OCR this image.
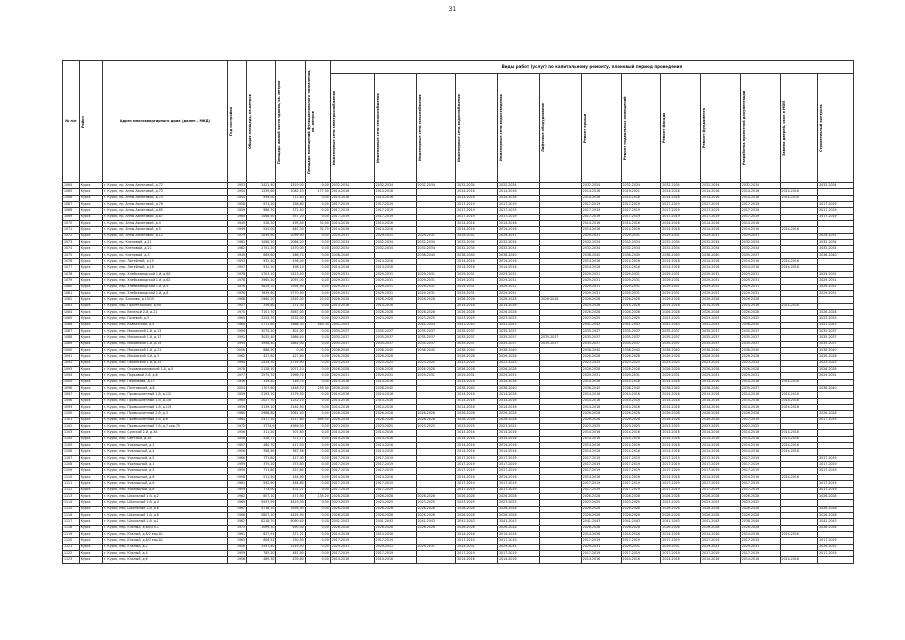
31
№ п/п	Район	Адрес многоквартирного дома (далее – МКД)	Год постройки	Общая площадь, кв.метров	Площадь жилой части здания, кв. метров	Площадь помещений функционального назначения, кв. метров	Виды работ (услуг) по капитальному ремонту, плановый период проведения												

							Инженерные сети электроснабжения	Инженерные сети теплоснабжения	Инженерные сети газоснабжения	Инженерные сети водоснабжения	Инженерные сети водоотведения	Лифтовое оборудование	Ремонт крыши	Ремонт подвальных помещений	Ремонт фасада	Ремонт фундамента	Разработка проектной документации	Замена дверей, окон в МОП	Строительный контроль

1064	Курск	г. Курск, пр. Анны Ахматовой, д.72	1953	2421,40	1519,00	0,00	2032-2034	2032-2034	2032-2034	2032-2034	2032-2034		2032-2034	2032-2034	2032-2034	2032-2034	2032-2034		2032-2034
1065	Курск	г. Курск, пр. Анны Ахматовой, д.73	1954	1239,60	1082,10	177,50	2014-2016	2014-2016		2014-2016	2014-2016		2014-2016	2019-2021	2014-2016	2014-2016	2014-2016	2014-2016	
1066	Курск	г. Курск, пр. Анны Ахматовой, д.74	1954	949,00	712,60	0,00	2014-2016	2014-2016		2014-2016	2014-2016		2014-2016	2014-2016	2014-2016	2014-2016	2014-2016	2014-2016	
1067	Курск	г. Курск, пр. Анны Ахматовой, д.76	1958	971,20	558,60	0,00	2017-2019	2017-2019		2017-2019	2017-2019		2017-2019	2017-2019	2017-2019	2017-2019	2017-2019		2017-2019
1068	Курск	г. Курск, пр. Анны Ахматовой, д.85	1959	986,70	572,40	0,00	2017-2019	2017-2019		2017-2019	2017-2019		2017-2019	2017-2019	2017-2019	2017-2019	2017-2019		2017-2019
1069	Курск	г. Курск, пр. Анны Ахматовой, д.87	1960	1068,50	557,20	0,00	2017-2019	2017-2019		2017-2019	2017-2019		2017-2019	2017-2019	2017-2019	2017-2019	2017-2019		2017-2019
1070	Курск	г. Курск, пр. Анны Ахматовой, д.4	1949	528,30	495,40	32,90	2014-2016	2014-2016		2014-2016	2014-2016		2014-2016	2014-2016	2014-2016	2014-2016	2014-2016		
1071	Курск	г. Курск, пр. Анны Ахматовой, д.5	1949	520,00	487,30	32,70	2014-2016	2014-2016		2014-2016	2014-2016		2014-2016	2014-2016	2014-2016	2014-2016	2014-2016	2014-2016	
1072	Курск	г. Курск, пр. Анны Ахматовой, д.12	1979	2099,90	2099,90	0,00	2029-2031	2029-2031	2029-2031	2029-2031	2029-2031		2029-2031	2029-2031	2029-2031	2029-2031	2029-2031		2029-2031
1073	Курск	г. Курск, пр. Кленовый, д.21	1981	2086,20	2086,20	0,00	2032-2034	2032-2034	2032-2034	2032-2034	2032-2034		2032-2034	2032-2034	2032-2034	2032-2034	2032-2034		2032-2034
1074	Курск	г. Курск, пр. Кленовый, д.21	1982	2751,20	1570,00	0,00	2032-2034	2032-2034	2032-2034	2032-2034	2032-2034		2032-2034	2032-2034	2032-2034	2032-2034	2032-2034		2032-2034
1075	Курск	г. Курск, пр. Кленовый, д.3	1949	669,60	566,70	0,00	2038-2040		2038-2040	2038-2040	2038-2040		2038-2040	2038-2040	2038-2040	2038-2040	2035-2037		2038-2040
1076	Курск	г. Курск, пер. Литейный, д.15	1953	932,40	436,40	0,00	2014-2016	2014-2016		2014-2016	2014-2016		2014-2016	2014-2016	2014-2016	2014-2016	2014-2016	2014-2016	
1077	Курск	г. Курск, пер. Литейный, д.16	1957	932,10	498,10	0,00	2014-2016	2014-2016		2014-2016	2014-2016		2014-2016	2014-2016	2014-2016	2014-2016	2014-2016	2014-2016	
1078	Курск	г. Курск, пер. Хлебозаводской 1-й, д.60	1978	2703,10	1513,40	0,00	2029-2031	2029-2031	2029-2031	2029-2031	2029-2031		2029-2031	2029-2031	2029-2031	2029-2031	2029-2031		2029-2031
1079	Курск	г. Курск, пер. Хлебозаводской 1-й, д.62	1978	3965,20	2097,00	0,00	2029-2031	2029-2031	2029-2031	2029-2031	2029-2031		2029-2031	2029-2031	2029-2031	2029-2031	2029-2031		2029-2031
1080	Курск	г. Курск, пер. Хлебозаводской 1-й, д.9	1976	5629,70	3394,90	0,00	2029-2031	2029-2031	2029-2031	2029-2031	2029-2031		2029-2031	2029-2031	2029-2031	2029-2031	2029-2031		2029-2031
1081	Курск	г. Курск, пер. Хлебозаводской 1-й, д.8	1976	7639,60	5770,90	0,00	2029-2031	2029-2031	2029-2031	2029-2031	2029-2031		2029-2031	2029-2031	2029-2031	2029-2031	2029-2031		2029-2031
1082	Курск	г. Курск, пр. Блинова, д.15/15	1968	2960,20	2392,00	23,00	2026-2028	2026-2028	2026-2028	2026-2028	2026-2028	2026-2028	2026-2028	2026-2028	2026-2028	2026-2028	2026-2028		
1083	Курск	г. Курск, пер. Пролетарский, д.9А	1957	256,80	271,30	0,00	2014-2016	2014-2016		2014-2016	2014-2016		2014-2016	2014-2016	2014-2016	2014-2016	2014-2016	2014-2016	
1084	Курск	г. Курск, пер. Веселый 2-й, д.21	1975	7101,70	3587,00	0,00	2026-2028	2026-2028	2026-2028	2026-2028	2026-2028		2026-2028	2026-2028	2026-2028	2026-2028	2026-2028		2026-2028
1085	Курск	г. Курск, пер. Полевой, д.3	1965	2243,70	1532,00	0,00	2023-2025	2023-2025	2023-2025	2023-2025	2023-2025		2023-2025	2023-2025	2023-2025	2023-2025	2023-2025		2023-2025
1086	Курск	г. Курск, пер. Кавказский, д.4	1960	2711,60	1866,30	460,30	2041-2043		2041-2043	2041-2043	2041-2043		2041-2043	2041-2043	2041-2043	2041-2043	2038-2040		2041-2043
1087	Курск	г. Курск, пер. Моковский 1-й, д.13	1994	3075,20	801,00	0,00	2035-2037	2035-2037	2035-2037	2035-2037	2035-2037		2035-2037	2035-2037	2035-2037	2035-2037	2035-2037		2035-2037
1088	Курск	г. Курск, пер. Моковский 1-й, д.17	1991	3035,40	1886,40	0,00	2035-2037	2035-2037	2035-2037	2035-2037	2035-2037	2035-2037	2035-2037	2035-2037	2035-2037	2035-2037	2035-2037		2035-2037
1089	Курск	г. Курск, пер. Моковский 1-й, д.19	1994	3998,40	2881,00	0,00	2035-2037	2035-2037	2035-2037	2035-2037	2035-2037	2035-2037	2035-2037	2035-2037	2035-2037	2035-2037	2035-2037		2035-2037
1090	Курск	г. Курск, пер. Моковский 1-й, д.21	2006	888,20	0,00	0,00	2038-2040	2038-2040	2038-2040	2038-2040	2038-2040		2038-2040	2038-2040	2038-2040	2038-2040	2038-2040		2038-2040
1091	Курск	г. Курск, пер. Моковский 4-й, д.3	1962	427,80	427,80	0,00	2026-2028	2026-2028		2026-2028	2026-2028		2026-2028	2026-2028	2026-2028	2026-2028	2026-2028		2026-2028
1092	Курск	г. Курск, пер. Обоянский 1-й, д.15	1994	2429,30	1759,90	0,00	2023-2025	2023-2025	2023-2025	2023-2025	2023-2025		2023-2025	2023-2025	2023-2025	2023-2025	2023-2025		2023-2025
1093	Курск	г. Курск, пер. Осоавиахимовский 1-й, д.5	1978	2128,10	2071,10	0,00	2026-2028	2026-2028	2026-2028	2026-2028	2026-2028		2026-2028	2026-2028	2026-2028	2026-2028	2026-2028		2026-2028
1094	Курск	г. Курск, пер. Парковый 2-й, д.6	1977	2575,70	1996,70	0,00	2029-2031	2029-2031	2029-2031	2029-2031	2029-2031		2029-2031	2029-2031	2029-2031	2029-2031	2029-2031		2029-2031
1095	Курск	г. Курск, пер. Персикова, д.17	1956	329,40	146,70	0,00	2014-2016	2014-2016		2014-2016	2014-2016		2014-2016	2014-2016	2014-2016	2014-2016	2014-2016	2014-2016	
1096	Курск	г. Курск, пер. Полтавский, д.8	2004	1707,60	1448,70	259,00	2038-2040	2038-2040		2038-2040	2038-2040		2038-2040	2038-2040	2038-2040	2038-2040	2035-2037		2038-2040
1097	Курск	г. Курск, пер. Промышленный 1-й, д.1/2	1959	2193,10	1179,30	0,00	2014-2016	2014-2016		2014-2016	2014-2016		2014-2016	2014-2016	2014-2016	2014-2016	2014-2016	2014-2016	
1098	Курск	г. Курск, пер. Промышленный 1-й, д.1/8	1960	2027,70	1252,10	0,00	2014-2016	2014-2016		2014-2016	2014-2016		2014-2016	2014-2016	2014-2016	2014-2016	2014-2016	2014-2016	
1099	Курск	г. Курск, пер. Промышленный 1-й, д.1/9	1959	2139,10	1162,50	0,00	2014-2016	2014-2016		2014-2016	2014-2016		2014-2016	2014-2016	2014-2016	2014-2016	2014-2016	2014-2016	
1100	Курск	г. Курск, пер. Промышленный 2-й, д.3	1980	2988,80	2081,40	0,00	2026-2028	2026-2028	2026-2028	2026-2028	2026-2028		2026-2028	2026-2028	2026-2028	2026-2028	2026-2028		2026-2028
1101	Курск	г. Курск, пер. Промышленный 2-й, д.6	1964	2417,30	1517,80	899,50	2026-2028	2026-2028	2026-2028	2026-2028	2026-2028		2026-2028	2026-2028	2026-2028	2026-2028	2017-2019		2017-2019
1102	Курск	г. Курск, пер. Промышленный 7-й, д.7 кор.75	1972	3774,9	4989,50	0,00	2023-2025	2023-2025	2023-2025	2023-2025	2023-2025		2023-2025	2023-2025	2023-2025	2023-2025	2023-2025		
1103	Курск	г. Курск, пер. Сумской 2-й, д.3А	1956	311,20	307,80	0,00	2014-2016	2014-2016		2014-2016	2014-2016		2014-2016	2014-2016	2014-2016	2014-2016	2014-2016	2014-2016	
1104	Курск	г. Курск, пер. Светлый, д.3А	1958	428,77	372,77	0,00	2014-2016	2014-2016		2014-2016	2014-2016		2014-2016	2014-2016	2014-2016	2014-2016	2014-2016	2014-2016	
1105	Курск	г. Курск, пер. Училищный, д.2	1957	480,70	417,50	0,00	2014-2016	2014-2016		2014-2016	2014-2016		2014-2016	2014-2016	2014-2016	2014-2016	2014-2016	2014-2016	
1106	Курск	г. Курск, пер. Училищный, д.4	1956	398,46	367,56	0,00	2014-2016	2014-2016		2014-2016	2014-2016		2014-2016	2014-2016	2014-2016	2014-2016	2014-2016	2014-2016	
1107	Курск	г. Курск, пер. Училищный, д.5	1960	771,80	417,30	0,00	2017-2019	2017-2019		2017-2019	2017-2019		2017-2019	2017-2019	2017-2019	2017-2019	2017-2019		2017-2019
1108	Курск	г. Курск, пер. Училищный, д.1	1959	375,20	373,80	0,00	2017-2019	2017-2019		2017-2019	2017-2019		2017-2019	2017-2019	2017-2019	2017-2019	2017-2019		2017-2019
1109	Курск	г. Курск, пер. Училищный, д.5	1959	711,80	427,60	0,00	2017-2019	2017-2019		2017-2019	2017-2019		2017-2019	2017-2019	2017-2019	2017-2019	2017-2019		2017-2019
1110	Курск	г. Курск, пер. Училищный, д.6	1958	511,50	454,90	0,00	2014-2016	2014-2016		2014-2016	2014-2016		2014-2016	2014-2016	2014-2016	2014-2016	2014-2016	2014-2016	
1111	Курск	г. Курск, пер. Училищный, д.6	1981	592,90	464,80	0,00	2017-2019	2017-2019		2017-2019	2017-2019		2017-2019	2017-2019	2017-2019	2017-2019	2017-2019		2017-2019
1112	Курск	г. Курск, пер. Училищный, д.8	1959	773,00	431,27	0,00	2017-2019	2017-2019		2017-2019	2017-2019		2017-2019	2017-2019	2017-2019	2017-2019	2017-2019		2017-2019
1113	Курск	г. Курск, пер. Школьный 1-й, д.2	1962	807,10	471,90	135,20	2026-2028	2026-2028	2026-2028	2026-2028	2026-2028		2026-2028	2026-2028	2026-2028	2026-2028	2026-2028		2026-2028
1114	Курск	г. Курск, пер. Школьный 1-й, д.4	1969	5937,99	4419,39	0,00	2023-2025	2023-2025	2023-2025	2023-2025	2023-2025		2023-2025	2023-2025	2023-2025	2023-2025	2023-2025		
1115	Курск	г. Курск, пер. Школьный 1-й, д.6	1967	4716,10	3556,90	0,00	2026-2028	2026-2028	2026-2028	2026-2028	2026-2028		2026-2028	2026-2028	2026-2028	2026-2028	2026-2028		2026-2028
1116	Курск	г. Курск, пер. Школьный 1-й, д.8	1968	5807,10	4425,90	0,00	2026-2028	2026-2028	2026-2028	2026-2028	2026-2028		2026-2028	2026-2028	2026-2028	2026-2028	2026-2028		2026-2028
1117	Курск	г. Курск, пер. Школьный 1-й, д.1	1962	8218,70	6090,40	0,00	2041-2043	2041-2043	2041-2043	2041-2043	2041-2043		2041-2043	2041-2043	2041-2043	2041-2043	2038-2040		2041-2043
1118	Курск	г. Курск, пер. Южный, д.6А/4 к.1	1975	1099,30	690,00	0,00	2026-2028	2026-2028	2026-2028	2026-2028	2026-2028		2026-2028	2026-2028	2026-2028	2026-2028	2026-2028		2026-2028
1119	Курск	г. Курск, пер. Южный, д.8/2 кор.А1	1961	627,91	371,21	0,00	2014-2016	2014-2016		2014-2016	2014-2016		2014-2016	2014-2016	2014-2016	2014-2016	2014-2016	2014-2016	
1120	Курск	г. Курск, пер. Южный, д.8/3 кор.А1	1963	606,53	330,50	0,00	2017-2019	2017-2019		2017-2019	2017-2019		2017-2019	2017-2019	2017-2019	2017-2019	2017-2019		2017-2019
1121	Курск	г. Курск, пер. Южный, д.2	1956	2597,40	2149,50	0,00	2029-2031	2029-2031	2029-2031	2029-2031	2029-2031		2029-2031	2029-2031	2029-2031	2029-2031	2029-2031		2029-2031
1122	Курск	г. Курск, пер. Южный, д.4	1959	785,20	481,90	0,00	2017-2019	2017-2019		2017-2019	2017-2019		2017-2019	2017-2019	2017-2019	2017-2019	2017-2019		2017-2019
1123	Курск	г. Курск, пер. Южный, д.6	1956	489,30	439,60	0,00	2014-2016	2014-2016		2014-2016	2014-2016		2014-2016	2014-2016	2014-2016	2014-2016	2014-2016	2014-2016	
